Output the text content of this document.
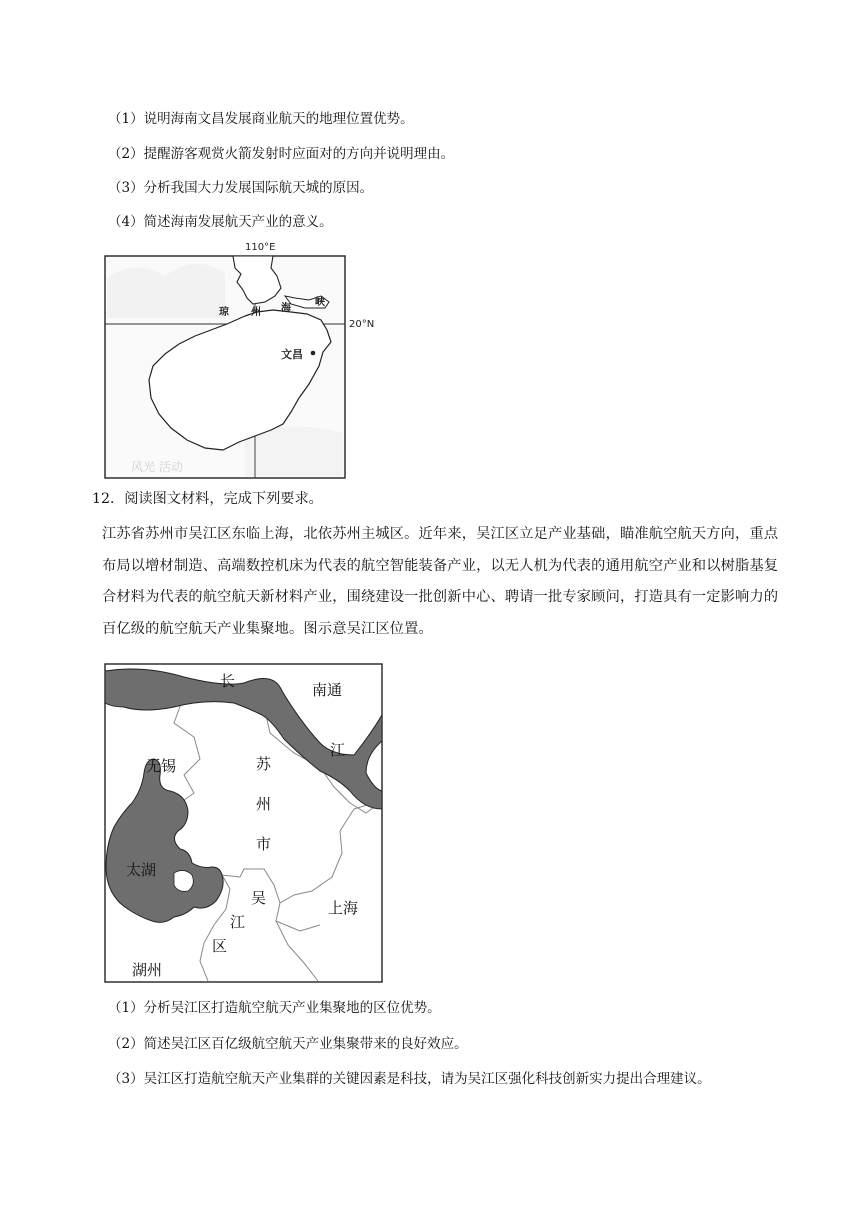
（1）说明海南文昌发展商业航天的地理位置优势。
（2）提醒游客观赏火箭发射时应面对的方向并说明理由。
（3）分析我国大力发展国际航天城的原因。
（4）简述海南发展航天产业的意义。
110°E
20°N
琼 州 海
峡
文昌
风光 活动
12．阅读图文材料，完成下列要求。
江苏省苏州市吴江区东临上海，北依苏州主城区。近年来，吴江区立足产业基础，瞄准航空航天方向，重点布局以增材制造、高端数控机床为代表的航空智能装备产业，以无人机为代表的通用航空产业和以树脂基复合材料为代表的航空航天新材料产业，围绕建设一批创新中心、聘请一批专家顾问，打造具有一定影响力的百亿级的航空航天产业集聚地。图示意吴江区位置。
长
江
南通
无锡	苏
州
市
太湖
吴
江
区
上海
湖州
（1）分析吴江区打造航空航天产业集聚地的区位优势。
（2）简述吴江区百亿级航空航天产业集聚带来的良好效应。
（3）吴江区打造航空航天产业集群的关键因素是科技，请为吴江区强化科技创新实力提出合理建议。
